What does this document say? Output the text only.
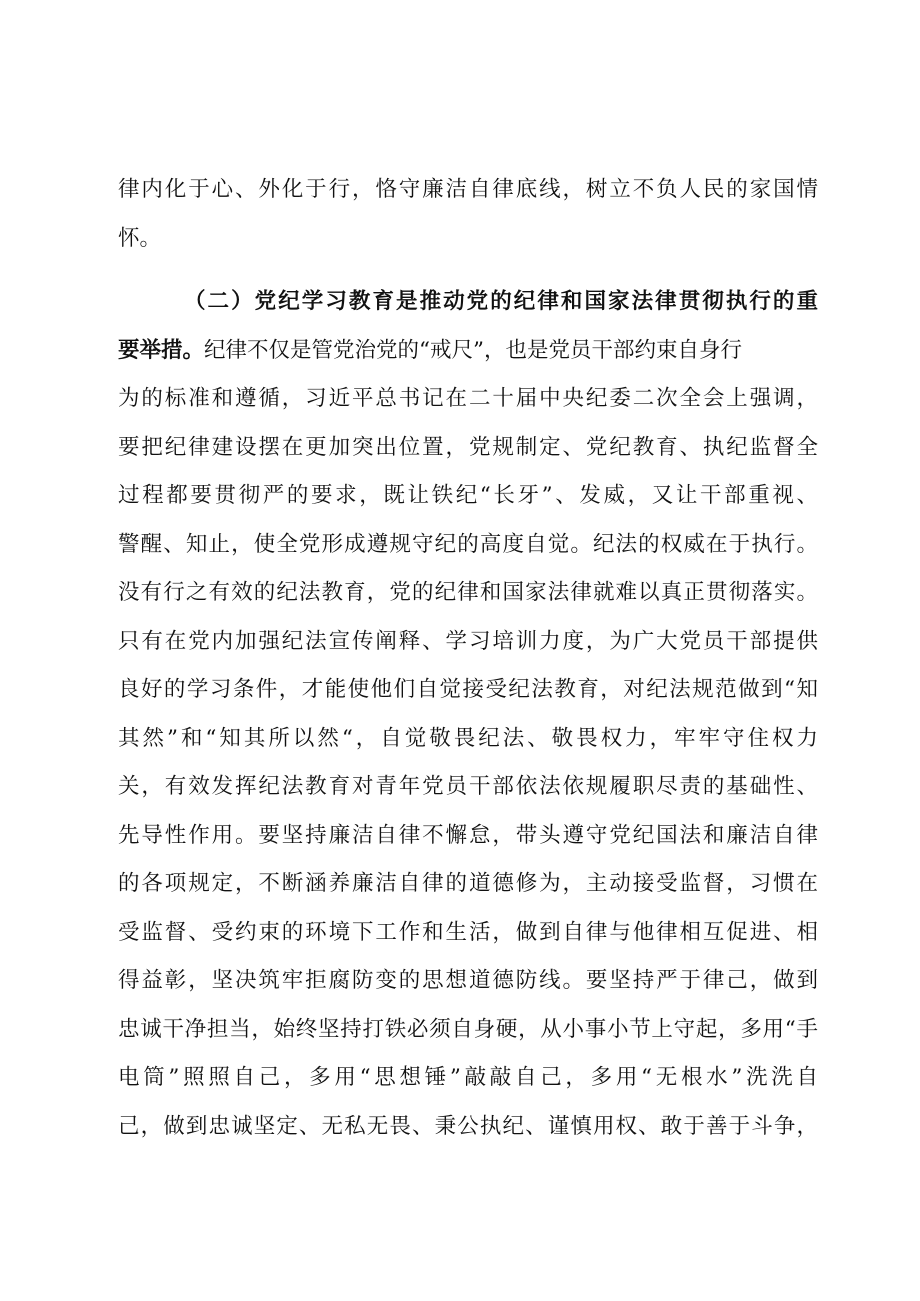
律内化于心、外化于行，恪守廉洁自律底线，树立不负人民的家国情
怀。
（二）党纪学习教育是推动党的纪律和国家法律贯彻执行的重
要举措。纪律不仅是管党治党的“戒尺”，也是党员干部约束自身行
为的标准和遵循，习近平总书记在二十届中央纪委二次全会上强调，
要把纪律建设摆在更加突出位置，党规制定、党纪教育、执纪监督全
过程都要贯彻严的要求，既让铁纪“长牙”、发威，又让干部重视、
警醒、知止，使全党形成遵规守纪的高度自觉。纪法的权威在于执行。
没有行之有效的纪法教育，党的纪律和国家法律就难以真正贯彻落实。
只有在党内加强纪法宣传阐释、学习培训力度，为广大党员干部提供
良好的学习条件，才能使他们自觉接受纪法教育，对纪法规范做到“知
其然”和“知其所以然“，自觉敬畏纪法、敬畏权力，牢牢守住权力
关，有效发挥纪法教育对青年党员干部依法依规履职尽责的基础性、
先导性作用。要坚持廉洁自律不懈怠，带头遵守党纪国法和廉洁自律
的各项规定，不断涵养廉洁自律的道德修为，主动接受监督，习惯在
受监督、受约束的环境下工作和生活，做到自律与他律相互促进、相
得益彰，坚决筑牢拒腐防变的思想道德防线。要坚持严于律己，做到
忠诚干净担当，始终坚持打铁必须自身硬，从小事小节上守起，多用“手
电筒”照照自己，多用“思想锤”敲敲自己，多用“无根水”洗洗自
己，做到忠诚坚定、无私无畏、秉公执纪、谨慎用权、敢于善于斗争，
